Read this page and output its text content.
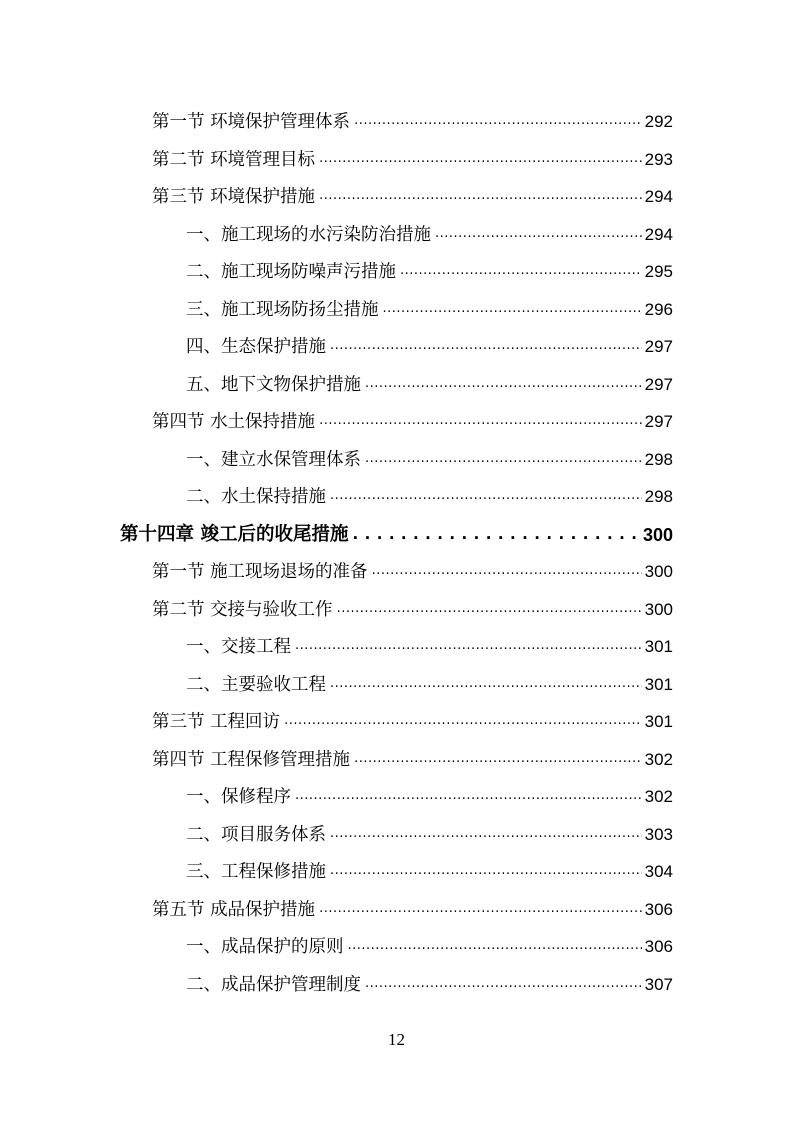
第一节 环境保护管理体系 .....	292
第二节 环境管理目标 .....	293
第三节 环境保护措施 .....	294
一、施工现场的水污染防治措施 .....	294
二、施工现场防噪声污措施 .....	295
三、施工现场防扬尘措施 .....	296
四、生态保护措施 .....	297
五、地下文物保护措施 .....	297
第四节 水土保持措施 .....	297
一、建立水保管理体系 .....	298
二、水土保持措施 .....	298
第十四章 竣工后的收尾措施 . . .	300
第一节 施工现场退场的准备 .....	300
第二节 交接与验收工作 .....	300
一、交接工程 .....	301
二、主要验收工程 .....	301
第三节 工程回访 .....	301
第四节 工程保修管理措施 .....	302
一、保修程序 .....	302
二、项目服务体系 .....	303
三、工程保修措施 .....	304
第五节 成品保护措施 .....	306
一、成品保护的原则 .....	306
二、成品保护管理制度 .....	307
12
